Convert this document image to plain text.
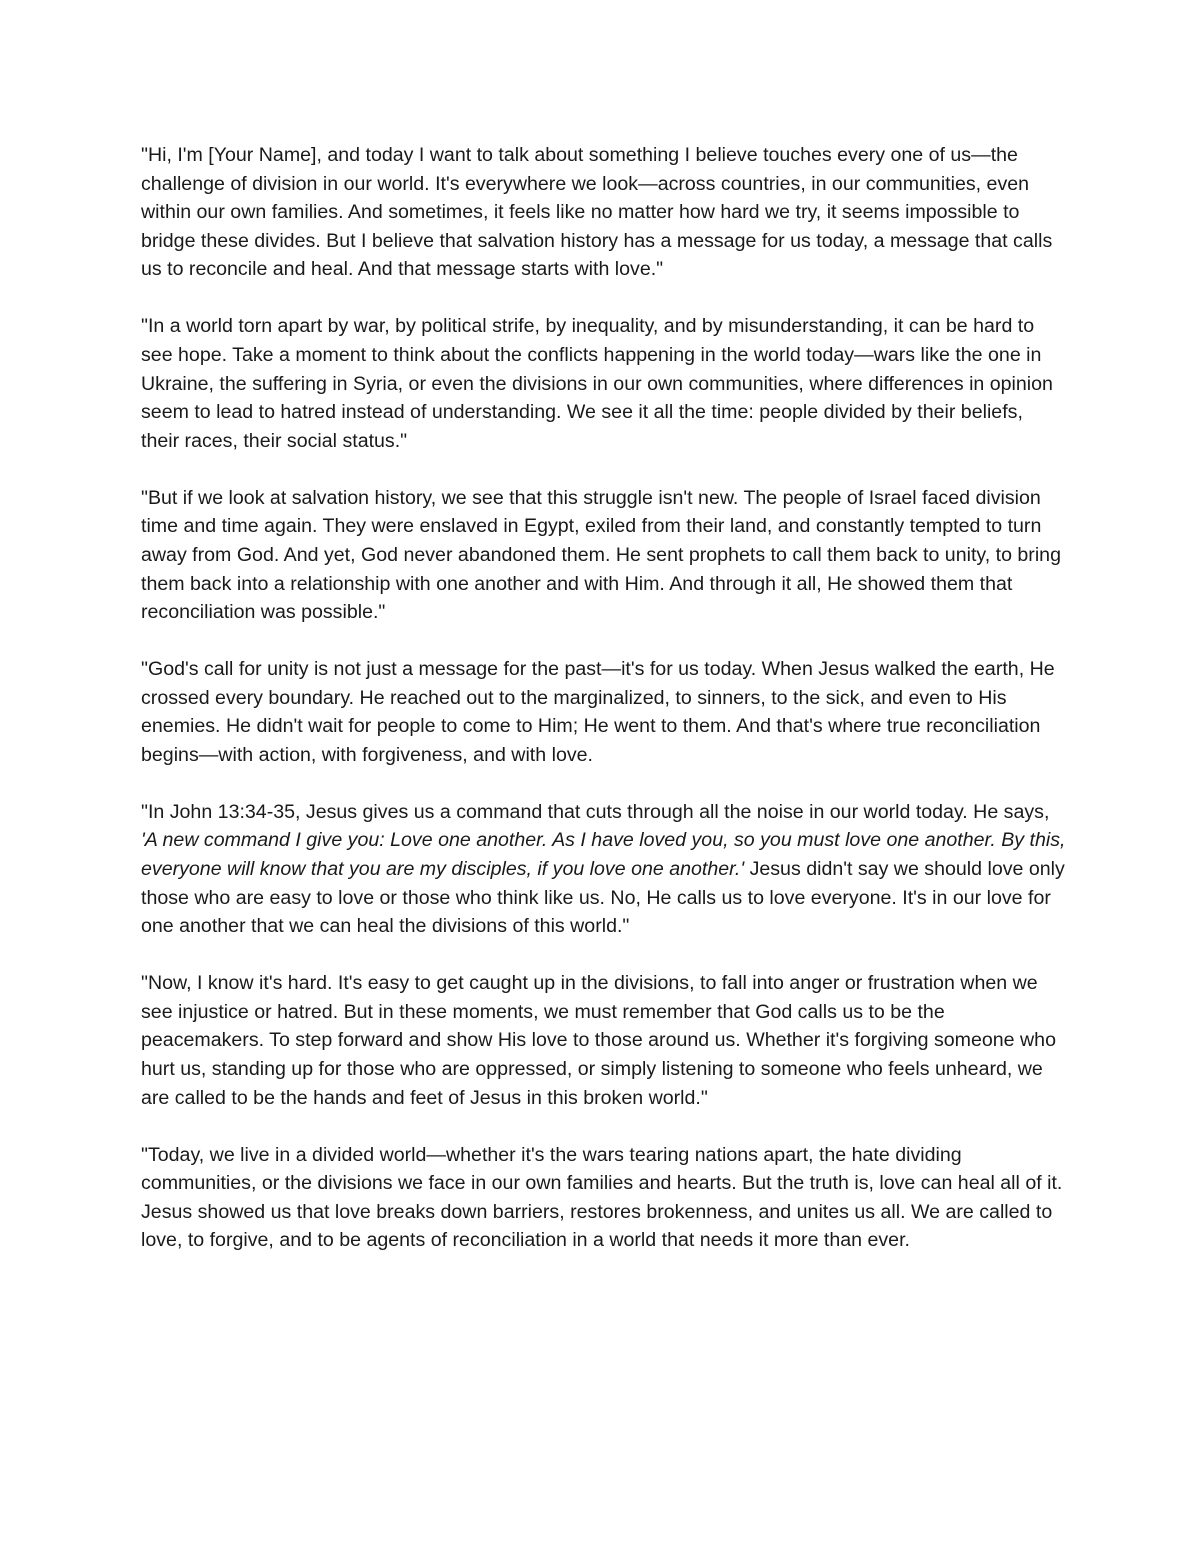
"Hi, I'm [Your Name], and today I want to talk about something I believe touches every one of us—the challenge of division in our world. It's everywhere we look—across countries, in our communities, even within our own families. And sometimes, it feels like no matter how hard we try, it seems impossible to bridge these divides. But I believe that salvation history has a message for us today, a message that calls us to reconcile and heal. And that message starts with love."

"In a world torn apart by war, by political strife, by inequality, and by misunderstanding, it can be hard to see hope. Take a moment to think about the conflicts happening in the world today—wars like the one in Ukraine, the suffering in Syria, or even the divisions in our own communities, where differences in opinion seem to lead to hatred instead of understanding. We see it all the time: people divided by their beliefs, their races, their social status."

"But if we look at salvation history, we see that this struggle isn't new. The people of Israel faced division time and time again. They were enslaved in Egypt, exiled from their land, and constantly tempted to turn away from God. And yet, God never abandoned them. He sent prophets to call them back to unity, to bring them back into a relationship with one another and with Him. And through it all, He showed them that reconciliation was possible."

"God's call for unity is not just a message for the past—it's for us today. When Jesus walked the earth, He crossed every boundary. He reached out to the marginalized, to sinners, to the sick, and even to His enemies. He didn't wait for people to come to Him; He went to them. And that's where true reconciliation begins—with action, with forgiveness, and with love.

"In John 13:34-35, Jesus gives us a command that cuts through all the noise in our world today. He says, 'A new command I give you: Love one another. As I have loved you, so you must love one another. By this, everyone will know that you are my disciples, if you love one another.' Jesus didn't say we should love only those who are easy to love or those who think like us. No, He calls us to love everyone. It's in our love for one another that we can heal the divisions of this world."

"Now, I know it's hard. It's easy to get caught up in the divisions, to fall into anger or frustration when we see injustice or hatred. But in these moments, we must remember that God calls us to be the peacemakers. To step forward and show His love to those around us. Whether it's forgiving someone who hurt us, standing up for those who are oppressed, or simply listening to someone who feels unheard, we are called to be the hands and feet of Jesus in this broken world."

"Today, we live in a divided world—whether it's the wars tearing nations apart, the hate dividing communities, or the divisions we face in our own families and hearts. But the truth is, love can heal all of it. Jesus showed us that love breaks down barriers, restores brokenness, and unites us all. We are called to love, to forgive, and to be agents of reconciliation in a world that needs it more than ever.
